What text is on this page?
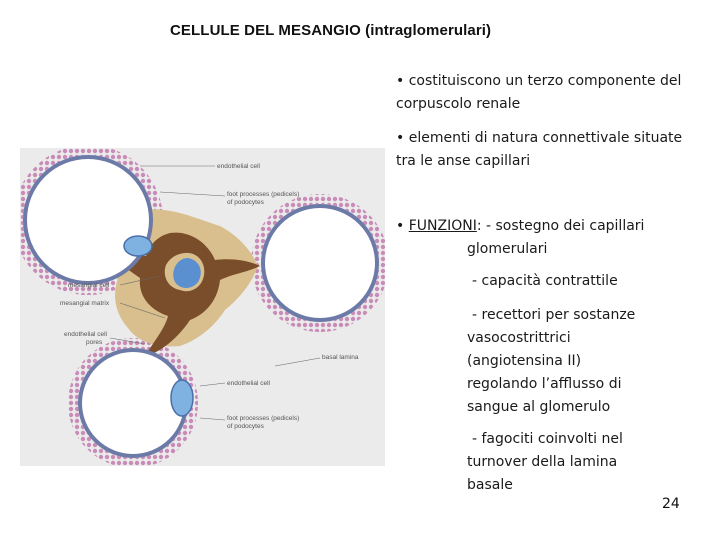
CELLULE DEL MESANGIO (intraglomerulari)
endothelial cell
foot processes (pedicels)
of podocytes
mesangial cell
mesangial matrix
endothelial cell
pores
basal lamina
endothelial cell
foot processes (pedicels)
of podocytes
• costituiscono un terzo componente del
corpuscolo renale
• elementi di natura connettivale situate
tra le anse capillari
• FUNZIONI: - sostegno dei capillari
glomerulari
- capacità contrattile
- recettori per sostanze
vasocostrittrici
(angiotensina II)
regolando l’afflusso di
sangue al glomerulo
- fagociti coinvolti nel
turnover della lamina
basale
24
